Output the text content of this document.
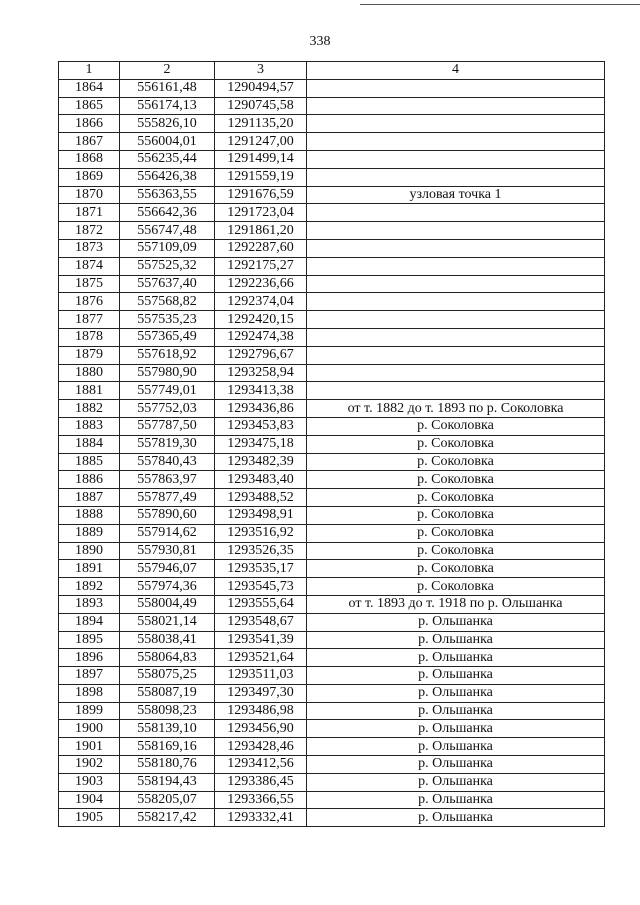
338
1	2	3	4
1864	556161,48	1290494,57	
1865	556174,13	1290745,58	
1866	555826,10	1291135,20	
1867	556004,01	1291247,00	
1868	556235,44	1291499,14	
1869	556426,38	1291559,19	
1870	556363,55	1291676,59	узловая точка 1
1871	556642,36	1291723,04	
1872	556747,48	1291861,20	
1873	557109,09	1292287,60	
1874	557525,32	1292175,27	
1875	557637,40	1292236,66	
1876	557568,82	1292374,04	
1877	557535,23	1292420,15	
1878	557365,49	1292474,38	
1879	557618,92	1292796,67	
1880	557980,90	1293258,94	
1881	557749,01	1293413,38	
1882	557752,03	1293436,86	от т. 1882 до т. 1893 по р. Соколовка
1883	557787,50	1293453,83	р. Соколовка
1884	557819,30	1293475,18	р. Соколовка
1885	557840,43	1293482,39	р. Соколовка
1886	557863,97	1293483,40	р. Соколовка
1887	557877,49	1293488,52	р. Соколовка
1888	557890,60	1293498,91	р. Соколовка
1889	557914,62	1293516,92	р. Соколовка
1890	557930,81	1293526,35	р. Соколовка
1891	557946,07	1293535,17	р. Соколовка
1892	557974,36	1293545,73	р. Соколовка
1893	558004,49	1293555,64	от т. 1893 до т. 1918 по р. Ольшанка
1894	558021,14	1293548,67	р. Ольшанка
1895	558038,41	1293541,39	р. Ольшанка
1896	558064,83	1293521,64	р. Ольшанка
1897	558075,25	1293511,03	р. Ольшанка
1898	558087,19	1293497,30	р. Ольшанка
1899	558098,23	1293486,98	р. Ольшанка
1900	558139,10	1293456,90	р. Ольшанка
1901	558169,16	1293428,46	р. Ольшанка
1902	558180,76	1293412,56	р. Ольшанка
1903	558194,43	1293386,45	р. Ольшанка
1904	558205,07	1293366,55	р. Ольшанка
1905	558217,42	1293332,41	р. Ольшанка
